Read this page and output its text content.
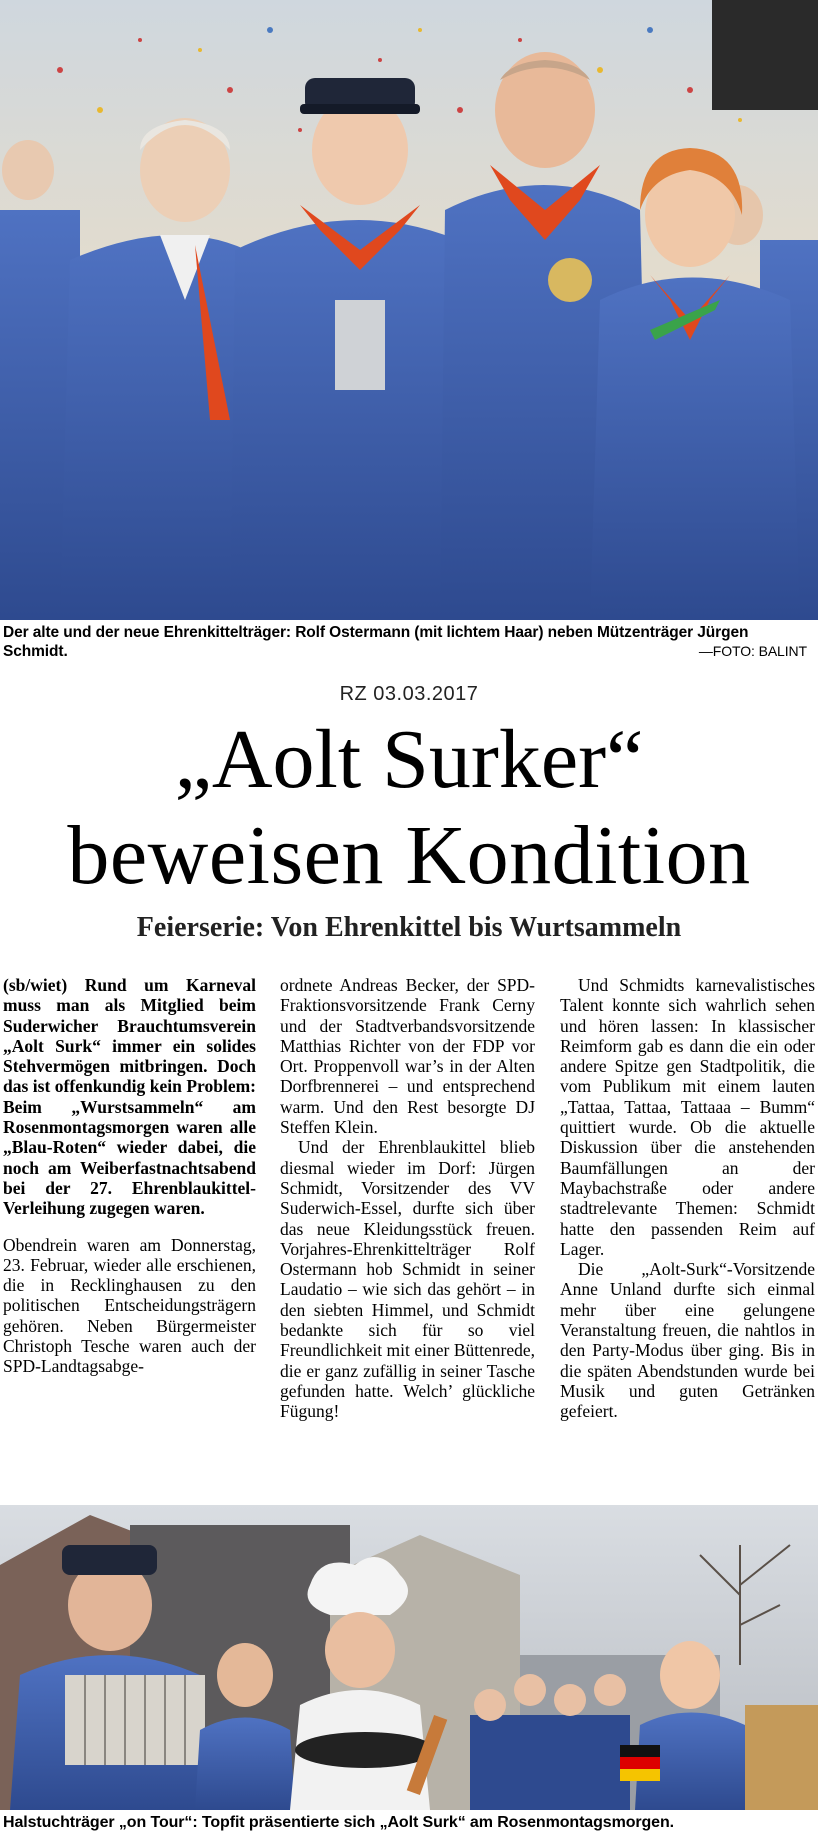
Der alte und der neue Ehrenkittelträger: Rolf Ostermann (mit lichtem Haar) neben Mützenträger Jürgen Schmidt.	—FOTO: BALINT
RZ 03.03.2017
„Aolt Surker“
beweisen Kondition
Feierserie: Von Ehrenkittel bis Wurtsammeln

(sb/wiet) Rund um Karneval muss man als Mitglied beim Suderwicher Brauchtumsverein „Aolt Surk“ immer ein solides Stehvermögen mitbringen. Doch das ist offenkundig kein Problem: Beim „Wurstsammeln“ am Rosenmontagsmorgen waren alle „Blau-Roten“ wieder dabei, die noch am Weiberfastnachtsabend bei der 27. Ehrenblaukittel-Verleihung zugegen waren.

Obendrein waren am Donnerstag, 23. Februar, wieder alle erschienen, die in Recklinghausen zu den politischen Entscheidungsträgern gehören. Neben Bürgermeister Christoph Tesche waren auch der SPD-Landtagsabge-

ordnete Andreas Becker, der SPD-Fraktionsvorsitzende Frank Cerny und der Stadtverbandsvorsitzende Matthias Richter von der FDP vor Ort. Proppenvoll war’s in der Alten Dorfbrennerei – und entsprechend warm. Und den Rest besorgte DJ Steffen Klein.

Und der Ehrenblaukittel blieb diesmal wieder im Dorf: Jürgen Schmidt, Vorsitzender des VV Suderwich-Essel, durfte sich über das neue Kleidungsstück freuen. Vorjahres-Ehrenkittelträger Rolf Ostermann hob Schmidt in seiner Laudatio – wie sich das gehört – in den siebten Himmel, und Schmidt bedankte sich für so viel Freundlichkeit mit einer Büttenrede, die er ganz zufällig in seiner Tasche gefunden hatte. Welch’ glückliche Fügung!

Und Schmidts karnevalistisches Talent konnte sich wahrlich sehen und hören lassen: In klassischer Reimform gab es dann die ein oder andere Spitze gen Stadtpolitik, die vom Publikum mit einem lauten „Tattaa, Tattaa, Tattaaa – Bumm“ quittiert wurde. Ob die aktuelle Diskussion über die anstehenden Baumfällungen an der Maybachstraße oder andere stadtrelevante Themen: Schmidt hatte den passenden Reim auf Lager.

Die „Aolt-Surk“-Vorsitzende Anne Unland durfte sich einmal mehr über eine gelungene Veranstaltung freuen, die nahtlos in den Party-Modus über ging. Bis in die späten Abendstunden wurde bei Musik und guten Getränken gefeiert.

Halstuchträger „on Tour“: Topfit präsentierte sich „Aolt Surk“ am Rosenmontagsmorgen.
